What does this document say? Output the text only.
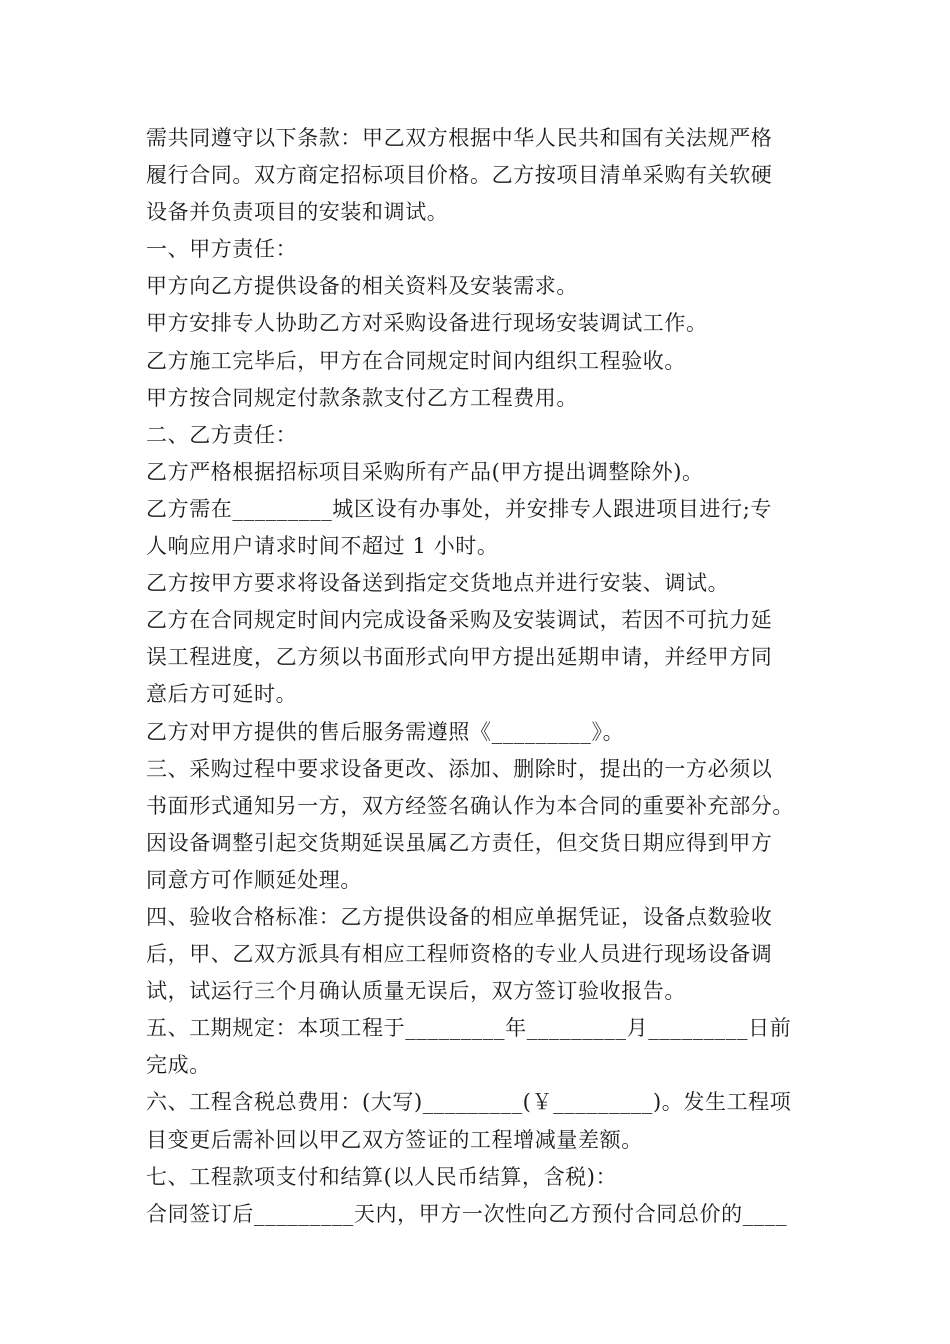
需共同遵守以下条款：甲乙双方根据中华人民共和国有关法规严格
履行合同。双方商定招标项目价格。乙方按项目清单采购有关软硬
设备并负责项目的安装和调试。
一、甲方责任：
甲方向乙方提供设备的相关资料及安装需求。
甲方安排专人协助乙方对采购设备进行现场安装调试工作。
乙方施工完毕后，甲方在合同规定时间内组织工程验收。
甲方按合同规定付款条款支付乙方工程费用。
二、乙方责任：
乙方严格根据招标项目采购所有产品(甲方提出调整除外)。
乙方需在_________城区设有办事处，并安排专人跟进项目进行;专
人响应用户请求时间不超过 1 小时。
乙方按甲方要求将设备送到指定交货地点并进行安装、调试。
乙方在合同规定时间内完成设备采购及安装调试，若因不可抗力延
误工程进度，乙方须以书面形式向甲方提出延期申请，并经甲方同
意后方可延时。
乙方对甲方提供的售后服务需遵照《_________》。
三、采购过程中要求设备更改、添加、删除时，提出的一方必须以
书面形式通知另一方，双方经签名确认作为本合同的重要补充部分。
因设备调整引起交货期延误虽属乙方责任，但交货日期应得到甲方
同意方可作顺延处理。
四、验收合格标准：乙方提供设备的相应单据凭证，设备点数验收
后，甲、乙双方派具有相应工程师资格的专业人员进行现场设备调
试，试运行三个月确认质量无误后，双方签订验收报告。
五、工期规定：本项工程于_________年_________月_________日前
完成。
六、工程含税总费用：(大写)_________(￥_________)。发生工程项
目变更后需补回以甲乙双方签证的工程增减量差额。
七、工程款项支付和结算(以人民币结算，含税)：
合同签订后_________天内，甲方一次性向乙方预付合同总价的____
